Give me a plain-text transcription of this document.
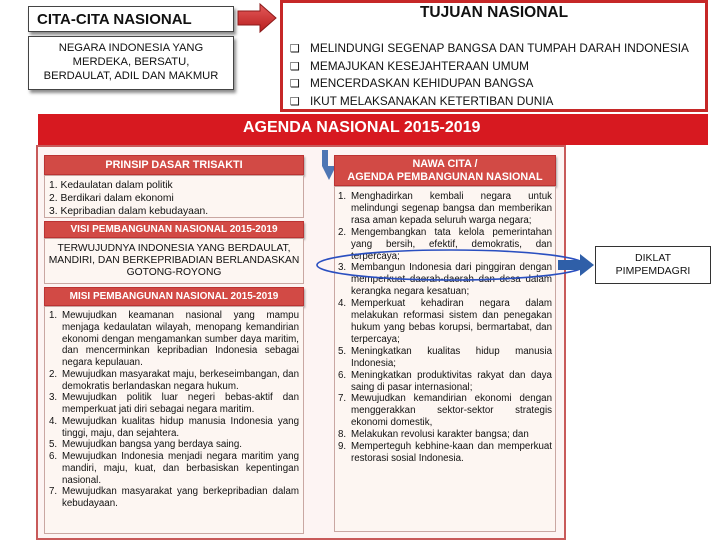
CITA-CITA NASIONAL
NEGARA INDONESIA YANG
MERDEKA, BERSATU,
BERDAULAT, ADIL DAN MAKMUR
TUJUAN NASIONAL
❑ MELINDUNGI SEGENAP BANGSA DAN TUMPAH DARAH INDONESIA
❑ MEMAJUKAN KESEJAHTERAAN UMUM
❑ MENCERDASKAN KEHIDUPAN BANGSA
❑ IKUT MELAKSANAKAN KETERTIBAN DUNIA
AGENDA NASIONAL 2015-2019
PRINSIP DASAR TRISAKTI
1. Kedaulatan dalam politik
2. Berdikari dalam ekonomi
3. Kepribadian dalam kebudayaan.
VISI PEMBANGUNAN NASIONAL 2015-2019
TERWUJUDNYA INDONESIA YANG BERDAULAT,
MANDIRI, DAN BERKEPRIBADIAN BERLANDASKAN
GOTONG-ROYONG
MISI PEMBANGUNAN NASIONAL 2015-2019
1. Mewujudkan keamanan nasional yang mampu menjaga kedaulatan wilayah, menopang kemandirian ekonomi dengan mengamankan sumber daya maritim, dan mencerminkan kepribadian Indonesia sebagai negara kepulauan.
2. Mewujudkan masyarakat maju, berkeseimbangan, dan demokratis berlandaskan negara hukum.
3. Mewujudkan politik luar negeri bebas-aktif dan memperkuat jati diri sebagai negara maritim.
4. Mewujudkan kualitas hidup manusia Indonesia yang tinggi, maju, dan sejahtera.
5. Mewujudkan bangsa yang berdaya saing.
6. Mewujudkan Indonesia menjadi negara maritim yang mandiri, maju, kuat, dan berbasiskan kepentingan nasional.
7. Mewujudkan masyarakat yang berkepribadian dalam kebudayaan.
NAWA CITA /
AGENDA PEMBANGUNAN NASIONAL
1. Menghadirkan kembali negara untuk melindungi segenap bangsa dan memberikan rasa aman kepada seluruh warga negara;
2. Mengembangkan tata kelola pemerintahan yang bersih, efektif, demokratis, dan terpercaya;
3. Membangun Indonesia dari pinggiran dengan memperkuat daerah-daerah dan desa dalam kerangka negara kesatuan;
4. Memperkuat kehadiran negara dalam melakukan reformasi sistem dan penegakan hukum yang bebas korupsi, bermartabat, dan terpercaya;
5. Meningkatkan kualitas hidup manusia Indonesia;
6. Meningkatkan produktivitas rakyat dan daya saing di pasar internasional;
7. Mewujudkan kemandirian ekonomi dengan menggerakkan sektor-sektor strategis ekonomi domestik,
8. Melakukan revolusi karakter bangsa; dan
9. Memperteguh kebhine-kaan dan memperkuat restorasi sosial Indonesia.
DIKLAT
PIMPEMDAGRI
